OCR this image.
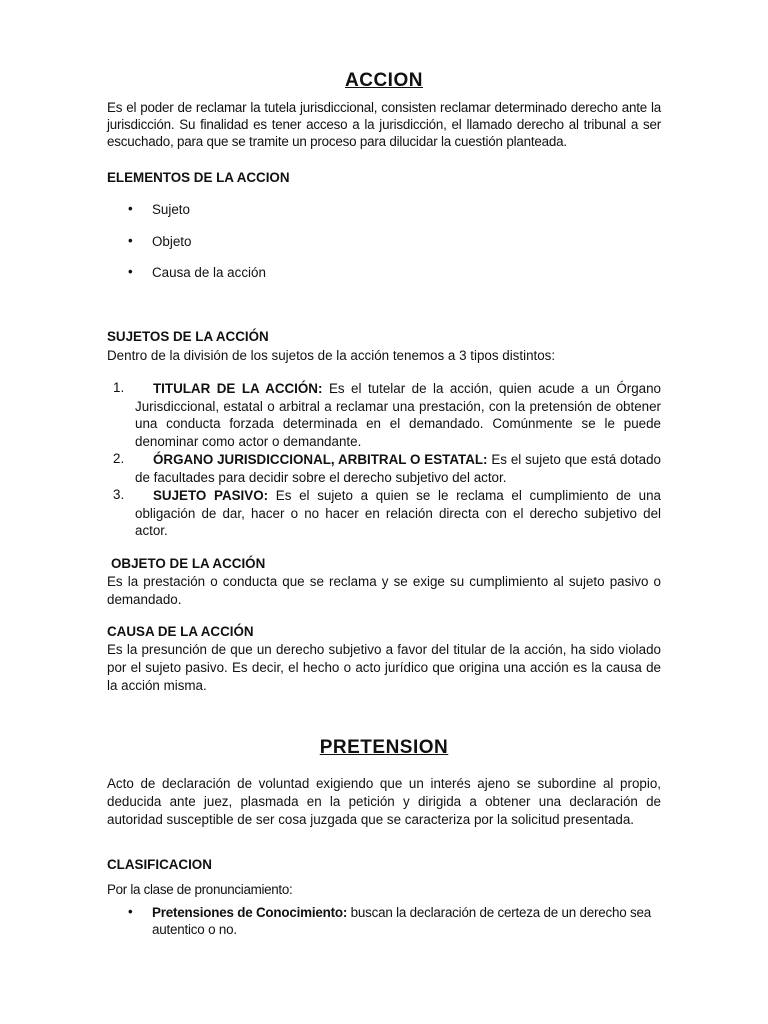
ACCION
Es el poder de reclamar la tutela jurisdiccional, consisten reclamar determinado derecho ante la jurisdicción. Su finalidad es tener acceso a la jurisdicción, el llamado derecho al tribunal a ser escuchado, para que se tramite un proceso para dilucidar la cuestión planteada.
ELEMENTOS DE LA ACCION
• Sujeto
• Objeto
• Causa de la acción
SUJETOS DE LA ACCIÓN
Dentro de la división de los sujetos de la acción tenemos a 3 tipos distintos:
1.	TITULAR DE LA ACCIÓN: Es el tutelar de la acción, quien acude a un Órgano Jurisdiccional, estatal o arbitral a reclamar una prestación, con la pretensión de obtener una conducta forzada determinada en el demandado. Comúnmente se le puede denominar como actor o demandante.
2.	ÓRGANO JURISDICCIONAL, ARBITRAL O ESTATAL: Es el sujeto que está dotado de facultades para decidir sobre el derecho subjetivo del actor.
3.	SUJETO PASIVO: Es el sujeto a quien se le reclama el cumplimiento de una obligación de dar, hacer o no hacer en relación directa con el derecho subjetivo del actor.
OBJETO DE LA ACCIÓN
Es la prestación o conducta que se reclama y se exige su cumplimiento al sujeto pasivo o demandado.
CAUSA DE LA ACCIÓN
Es la presunción de que un derecho subjetivo a favor del titular de la acción, ha sido violado por el sujeto pasivo. Es decir, el hecho o acto jurídico que origina una acción es la causa de la acción misma.
PRETENSION
Acto de declaración de voluntad exigiendo que un interés ajeno se subordine al propio, deducida ante juez, plasmada en la petición y dirigida a obtener una declaración de autoridad susceptible de ser cosa juzgada que se caracteriza por la solicitud presentada.
CLASIFICACION
Por la clase de pronunciamiento:
• Pretensiones de Conocimiento: buscan la declaración de certeza de un derecho sea autentico o no.
